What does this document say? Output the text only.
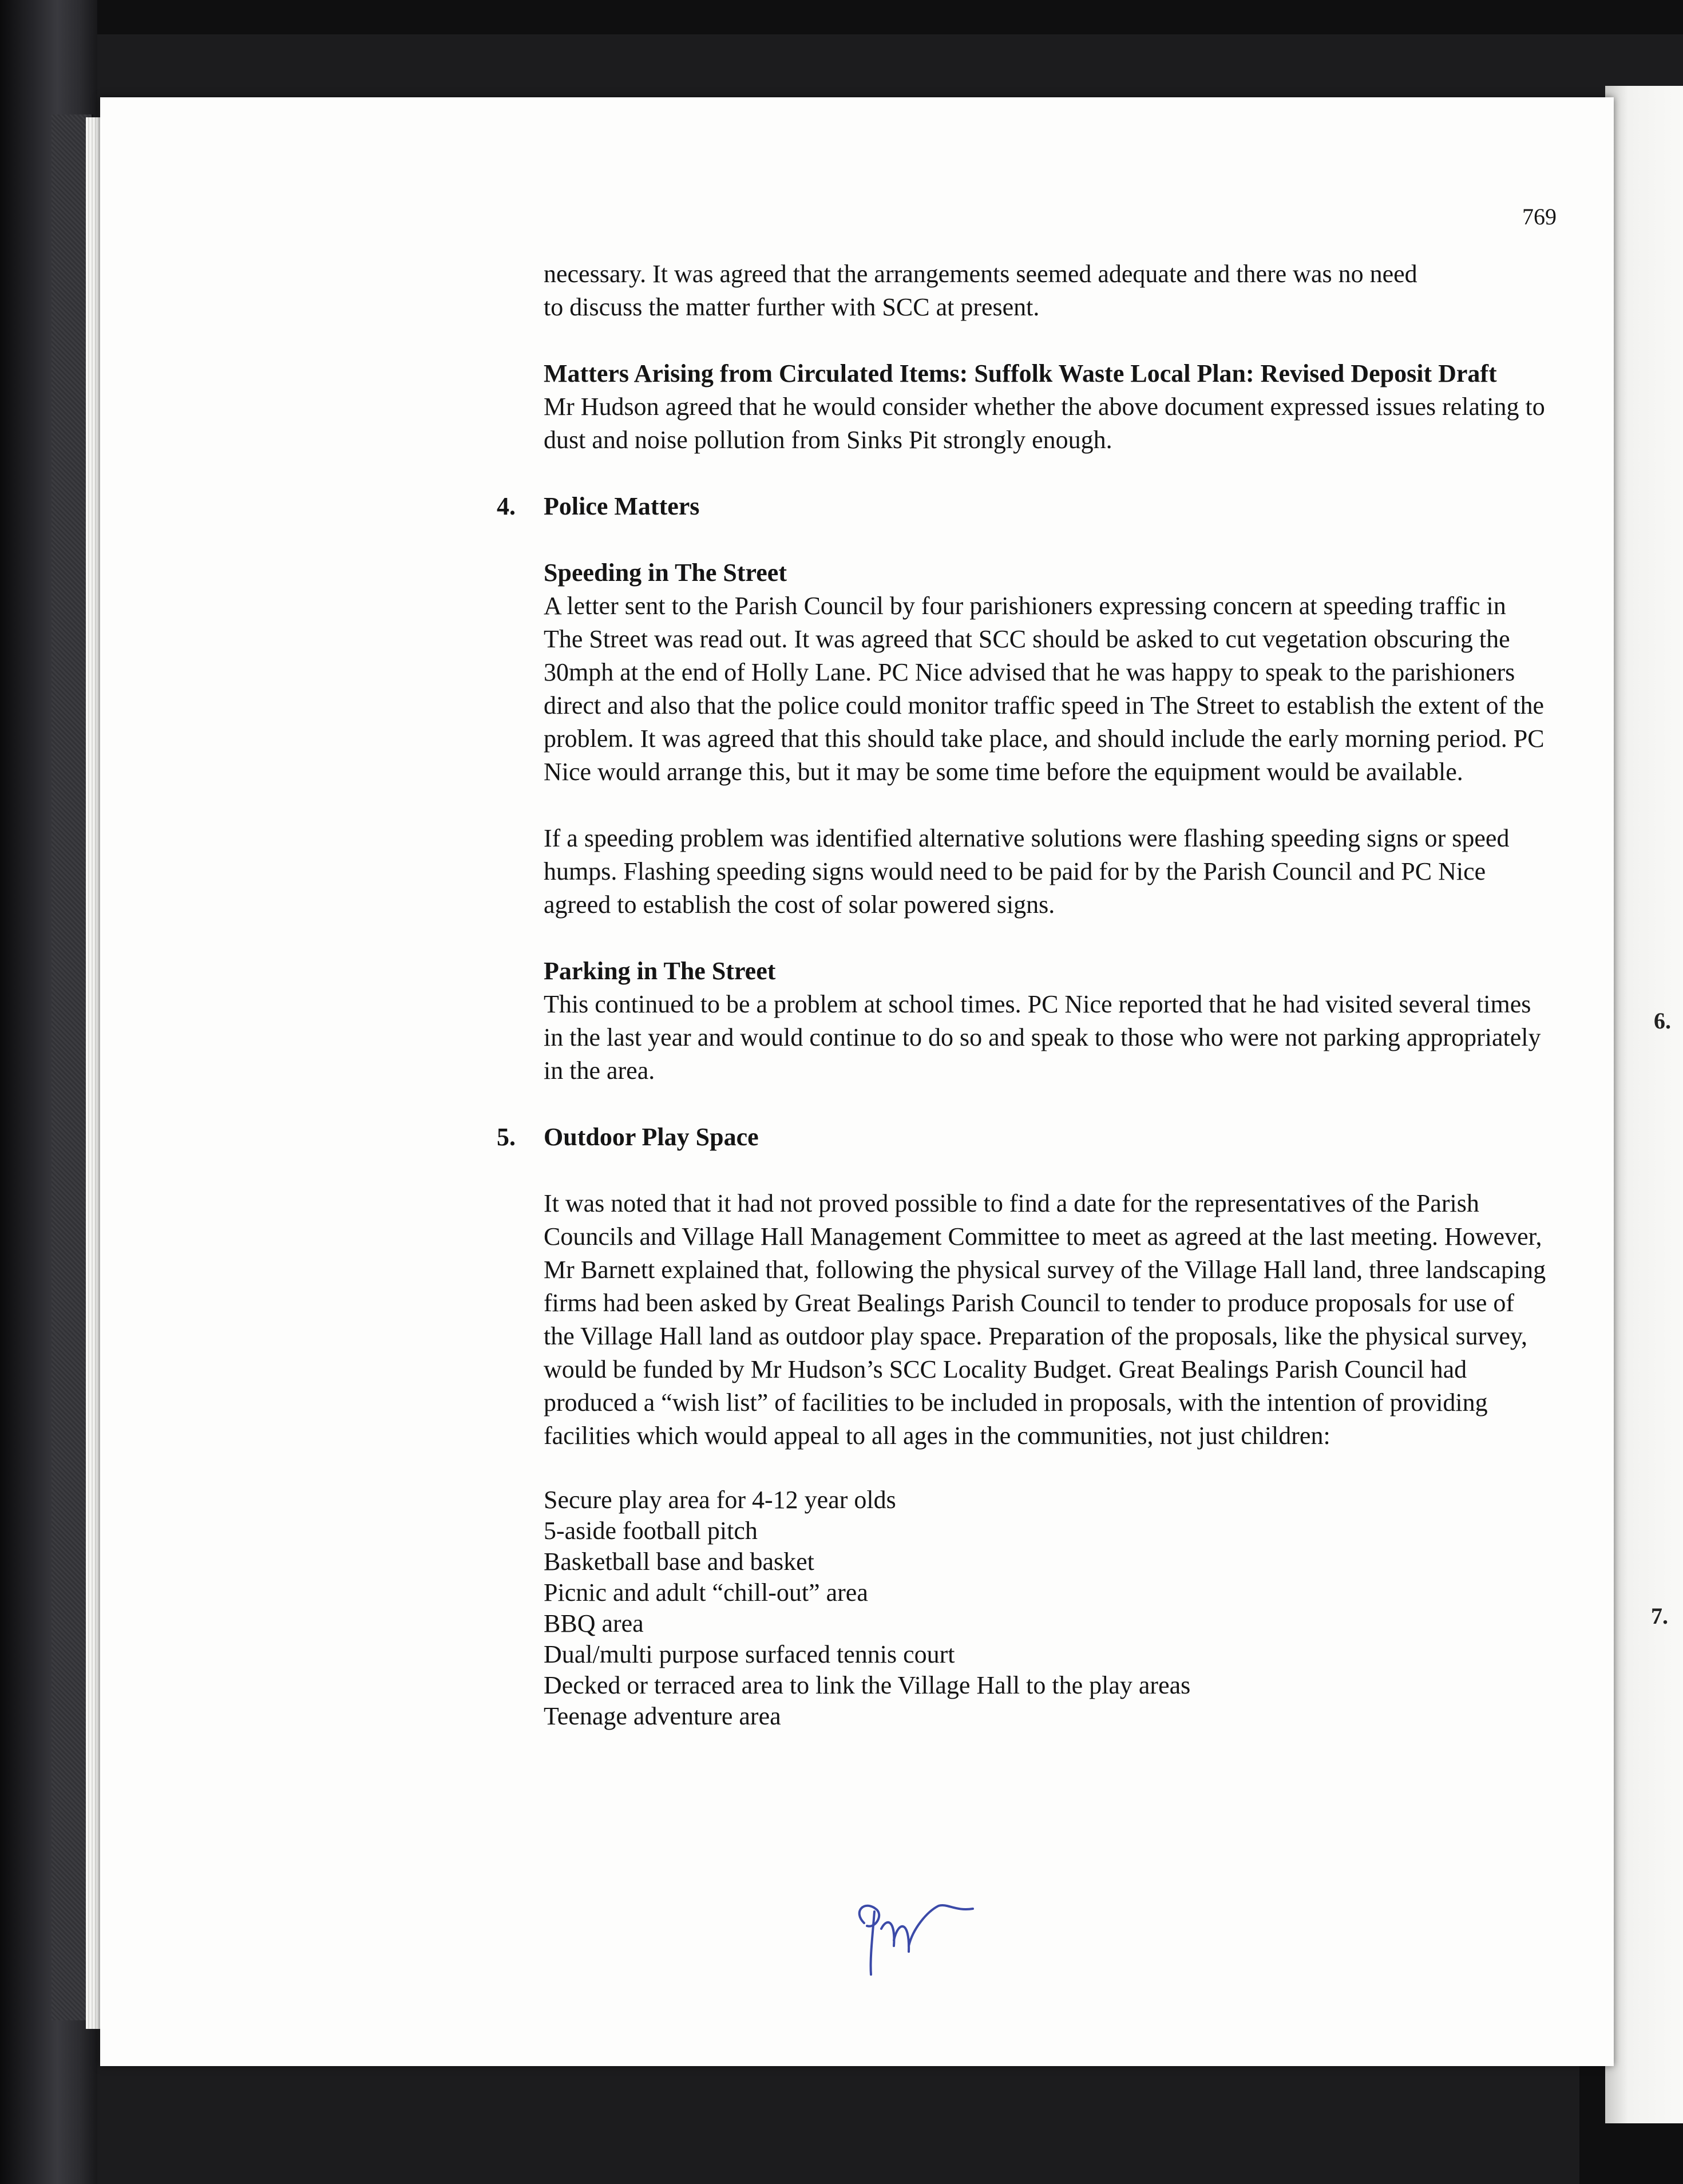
6.
7.
769

necessary. It was agreed that the arrangements seemed adequate and there was no need

to discuss the matter further with SCC at present.

Matters Arising from Circulated Items: Suffolk Waste Local Plan: Revised Deposit Draft

Mr Hudson agreed that he would consider whether the above document expressed issues relating to dust and noise pollution from Sinks Pit strongly enough.

4. Police Matters

Speeding in The Street

A letter sent to the Parish Council by four parishioners expressing concern at speeding traffic in The Street was read out. It was agreed that SCC should be asked to cut vegetation obscuring the 30mph at the end of Holly Lane. PC Nice advised that he was happy to speak to the parishioners direct and also that the police could monitor traffic speed in The Street to establish the extent of the problem. It was agreed that this should take place, and should include the early morning period. PC Nice would arrange this, but it may be some time before the equipment would be available.

If a speeding problem was identified alternative solutions were flashing speeding signs or speed humps. Flashing speeding signs would need to be paid for by the Parish Council and PC Nice agreed to establish the cost of solar powered signs.

Parking in The Street

This continued to be a problem at school times. PC Nice reported that he had visited several times in the last year and would continue to do so and speak to those who were not parking appropriately in the area.

5. Outdoor Play Space

It was noted that it had not proved possible to find a date for the representatives of the Parish Councils and Village Hall Management Committee to meet as agreed at the last meeting. However, Mr Barnett explained that, following the physical survey of the Village Hall land, three landscaping firms had been asked by Great Bealings Parish Council to tender to produce proposals for use of the Village Hall land as outdoor play space. Preparation of the proposals, like the physical survey, would be funded by Mr Hudson’s SCC Locality Budget. Great Bealings Parish Council had produced a “wish list” of facilities to be included in proposals, with the intention of providing facilities which would appeal to all ages in the communities, not just children:

Secure play area for 4-12 year olds
5-aside football pitch
Basketball base and basket
Picnic and adult “chill-out” area
BBQ area
Dual/multi purpose surfaced tennis court
Decked or terraced area to link the Village Hall to the play areas
Teenage adventure area
